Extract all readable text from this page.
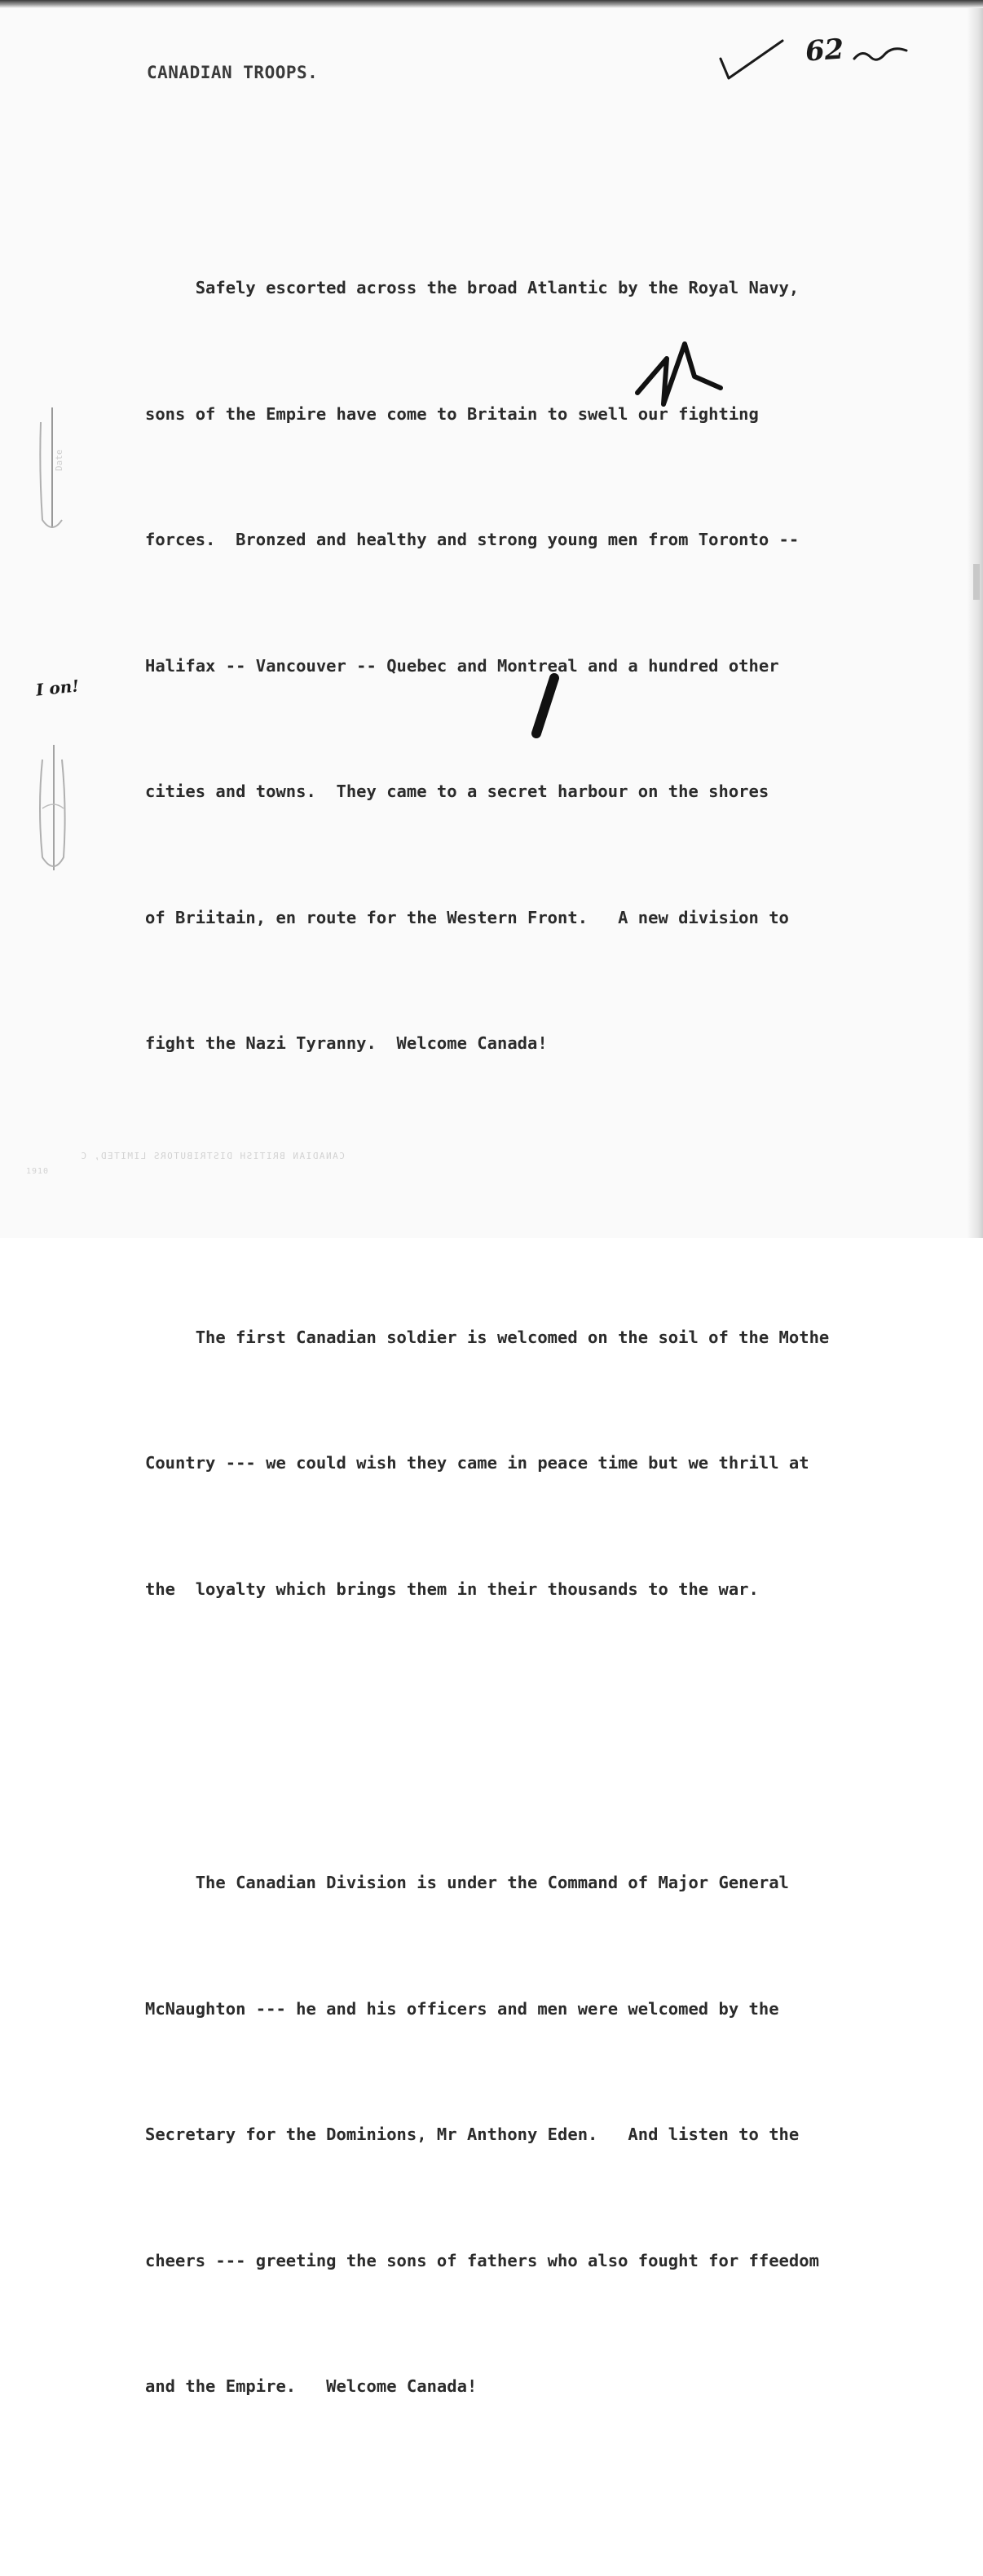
62
CANADIAN TROOPS.

Safely escorted across the broad Atlantic by the Royal Navy,

sons of the Empire have come to Britain to swell our fighting

forces.  Bronzed and healthy and strong young men from Toronto --

Halifax -- Vancouver -- Quebec and Montreal and a hundred other

cities and towns.  They came to a secret harbour on the shores

of Briitain, en route for the Western Front.   A new division to

fight the Nazi Tyranny.  Welcome Canada!

The first Canadian soldier is welcomed on the soil of the Mothe

Country --- we could wish they came in peace time but we thrill at

the  loyalty which brings them in their thousands to the war.

The Canadian Division is under the Command of Major General

McNaughton --- he and his officers and men were welcomed by the

Secretary for the Dominions, Mr Anthony Eden.   And listen to the

cheers --- greeting the sons of fathers who also fought for ffeedom

and the Empire.   Welcome Canada!

I on!
Date
CANADIAN BRITISH DISTRIBUTORS LIMITED, C
1910
